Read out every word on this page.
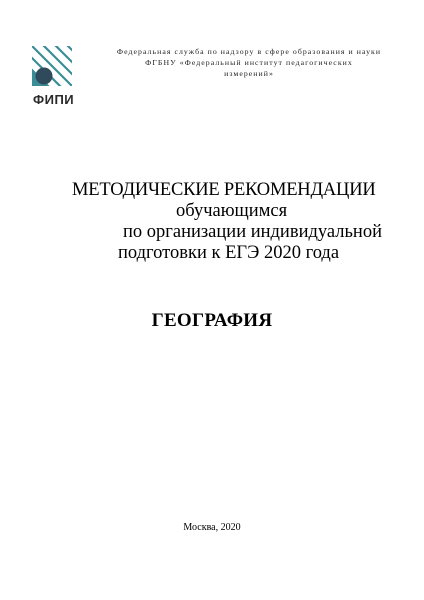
ФИПИ
Федеральная служба по надзору в сфере образования и науки
ФГБНУ «Федеральный институт педагогических
измерений»
МЕТОДИЧЕСКИЕ РЕКОМЕНДАЦИИ
обучающимся
по организации индивидуальной
подготовки к ЕГЭ 2020 года
ГЕОГРАФИЯ
Москва, 2020
